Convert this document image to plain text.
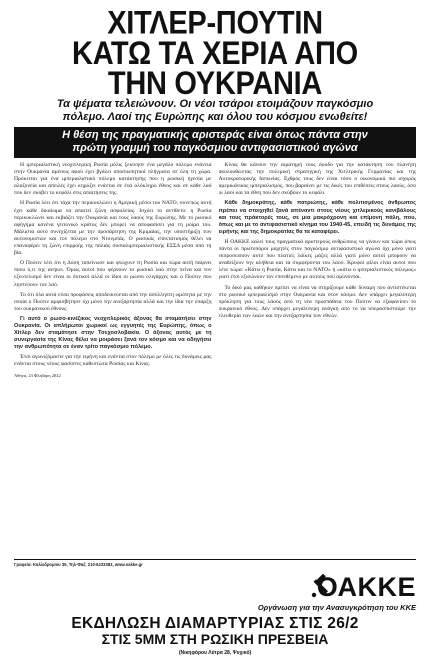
ΧΙΤΛΕΡ-ΠΟΥΤΙΝ
ΚΑΤΩ ΤΑ ΧΕΡΙΑ ΑΠΟ
ΤΗΝ ΟΥΚΡΑΝΙΑ
Τα ψέματα τελειώνουν. Οι νέοι τσάροι ετοιμάζουν παγκόσμιο
πόλεμο. Λαοί της Ευρώπης και όλου του κόσμου ενωθείτε!
Η θέση της πραγματικής αριστεράς είναι όπως πάντα στην
πρώτη γραμμή του παγκόσμιου αντιφασιστικού αγώνα

Η ιμπεριαλιστική νεοχιτλερική Ρωσία μόλις ξεκίνησε ένα μεγάλο πόλεμο ενάντια στην Ουκρανία αμέσως αφού έχει βγάλει αποσιωπητικά πλήγματα σε όλη τη χώρα. Πρόκειται για ένα ιμπεριαλιστικό πόλεμο κατάκτησης που η ρωσική ηγεσία με αλαζονεία και απειλές έχει κηρύξει ενάντια σε ένα ολόκληρο έθνος και σε κάθε λαό που δεν σκύβει το κεφάλι στις απαιτήσεις της.

Η Ρωσία λέει ότι τάχα την περικυκλώνει η Αμερική μέσω του ΝΑΤΟ, συνεπώς αυτή έχει κάθε δικαίωμα να απαιτεί ζώνη ασφαλείας. Ισχύει το αντίθετο: η Ρωσία περικυκλώνει και εκβιάζει την Ουκρανία και τους λαούς της Ευρώπης. Με το ρωσικό αφήγημα κανένα γειτονικό κράτος δεν μπορεί να αποφασίσει για τη μοίρα του. Μάλιστα αυτό συνεχίζεται με την προσάρτηση της Κριμαίας, την υποστήριξη των αυτονομιστών και τον πόλεμο στο Ντονμπάς. Ο ρωσικός επεκτατισμός θέλει να επαναφέρει τη ζώνη επιρροής της παλιάς σοσιαλιμπεριαλιστικής ΕΣΣΔ μέσα από τη βία.

Ο Πούτιν λέει ότι η Δύση ταπείνωσε και φτώχυνε τη Ρωσία και τώρα αυτή παίρνει πίσω ό,τι της ανήκει. Όμως αυτοί που φέρνουν το ρωσικό λαό στην πείνα και τον εξευτελισμό δεν είναι οι δυτικοί αλλά οι ίδιοι οι ρώσοι ολιγάρχες και ο Πούτιν που ληστεύουν τον λαό.

Το ότι όλα αυτά είναι προφάσεις αποδεικνύεται από την ασύλληπτη ωμότητα με την οποία ο Πούτιν αμφισβήτησε όχι μόνο την ανεξαρτησία αλλά και την ίδια την ύπαρξη του ουκρανικού έθνους.

Γι αυτό ο ρωσο-κινέζικος νεοχιτλερικός άξονας θα σταματήσει στην Ουκρανία. Οι απλήρωτοι χωρικοί ως εγγυητές της Ευρώπης, όπως ο Χίτλερ δεν σταμάτησε στην Τσεχοσλοβακία. Ο άξονας αυτός με τη συνεργασία της Κίνας θέλει να μοιράσει ξανά τον κόσμο και να οδηγήσει την ανθρωπότητα σε έναν τρίτο παγκόσμιο πόλεμο.

Έτσι αγωνιζόμαστε για την ειρήνη και ενάντια στον πόλεμο με όλες τις δυνάμεις μας ενάντια στους νέους φασίστες καθεστώτα Ρωσίας και Κίνας.

Αθήνα, 23 Φλεβάρη 2022

Κίνας θα κάνουν την αιματηρή τους έφοδο για την κατάκτηση του πλανήτη ακολουθώντας την πολεμική στρατηγική της Χιτλερικής Γερμανίας και της Αυτοκρατορικής Ιαπωνίας. Εχθρός τους δεν είναι τόσο ο οικονομικά πιο ισχυρός αμερικάνικος ιμπεριαλισμός, που βαραίνει με τις δικές του επιθέσεις στους λαούς, όσο οι λαοί και τα έθνη που δεν σκύβουν το κεφάλι.

Κάθε δημοκράτης, κάθε πατριώτης, κάθε πολιτισμένος άνθρωπος πρέπει να στοιχηθεί ξανά απέναντι στους νέους χιτλερικούς κανιβάλους και τους πράκτορές τους, σε μια μακρόχρονη και επίμονη πάλη, που, όπως και με το αντιφασιστικό κίνημα του 1940-45, επειδή τις δυνάμεις της ειρήνης και της δημοκρατίας θα τα καταφέρει.

Η ΟΑΚΚΕ καλεί τους πραγματικά αριστερούς ανθρώπους να γίνουν και τώρα όπως πάντα οι πρωτοπόροι μαχητές στον παγκόσμιο αντιφασιστικό αγώνα όχι μόνο γιατί εκπροσωπούν αυτό που πλατιές λαϊκές μάζες αλλά γιατί μόνο αυτοί μπορούν να αναδείξουν την αλήθεια και τα συμφέροντα του λαού. Κρυφοί φίλοι είναι αυτοί που λένε τώρα: «Κάτω η Ρωσία, Κάτω και το ΝΑΤΟ» ή «κάτω ο ιμπεριαλιστικός πόλεμος» γιατί έτσι εξισώνουν τον επιτιθέμενο με αυτούς που αμύνονται.

Το δικό μας καθήκον πρέπει να είναι να στηρίξουμε κάθε δύναμη που αντιστέκεται στο ρωσικό ιμπεριαλισμό στην Ουκρανία και στον κόσμο. Δεν υπάρχει μεγαλύτερη πρόκληση για τους λαούς από τη νέα προσπάθεια του Πούτιν να εξαφανίσει το ουκρανικό έθνος. Δεν υπάρχει μεγαλύτερη ανάγκη από το να υπερασπιστούμε την ελευθερία των λαών και την ανεξαρτησία των εθνών.

Γραφεία: Καλλιδρομίου 35, Τηλ-Φαξ: 210-6233383, www.oakke.gr
ΟΑΚΚΕ
Οργάνωση για την Ανασυγκρότηση του ΚΚΕ
ΕΚΔΗΛΩΣΗ ΔΙΑΜΑΡΤΥΡΙΑΣ ΣΤΙΣ 26/2
ΣΤΙΣ 5ΜΜ ΣΤΗ ΡΩΣΙΚΗ ΠΡΕΣΒΕΙΑ
(Νικηφόρου Λύτρα 28, Ψυχικό)
